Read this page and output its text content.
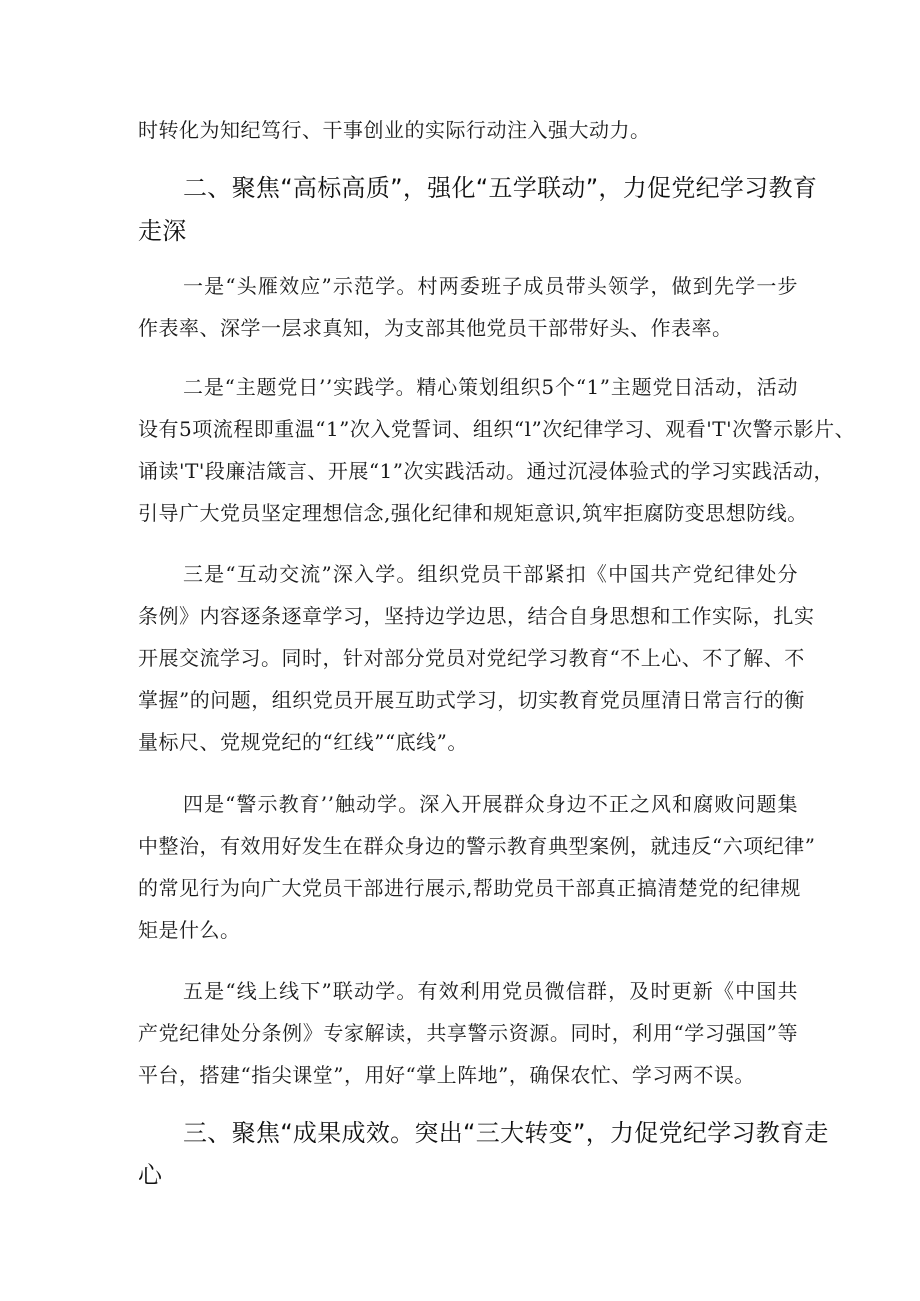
时转化为知纪笃行、干事创业的实际行动注入强大动力。
二、聚焦“高标高质”，强化“五学联动”，力促党纪学习教育
走深
一是“头雁效应”示范学。村两委班子成员带头领学，做到先学一步
作表率、深学一层求真知，为支部其他党员干部带好头、作表率。
二是“主题党日’’实践学。精心策划组织5个“1”主题党日活动，活动
设有5项流程即重温“1”次入党誓词、组织“l”次纪律学习、观看'T'次警示影片、
诵读'T'段廉洁箴言、开展“1”次实践活动。通过沉浸体验式的学习实践活动，
引导广大党员坚定理想信念,强化纪律和规矩意识,筑牢拒腐防变思想防线。
三是“互动交流”深入学。组织党员干部紧扣《中国共产党纪律处分
条例》内容逐条逐章学习，坚持边学边思，结合自身思想和工作实际，扎实
开展交流学习。同时，针对部分党员对党纪学习教育“不上心、不了解、不
掌握”的问题，组织党员开展互助式学习，切实教育党员厘清日常言行的衡
量标尺、党规党纪的“红线”“底线”。
四是“警示教育’’触动学。深入开展群众身边不正之风和腐败问题集
中整治，有效用好发生在群众身边的警示教育典型案例，就违反“六项纪律”
的常见行为向广大党员干部进行展示,帮助党员干部真正搞清楚党的纪律规
矩是什么。
五是“线上线下”联动学。有效利用党员微信群，及时更新《中国共
产党纪律处分条例》专家解读，共享警示资源。同时，利用“学习强国”等
平台，搭建“指尖课堂”，用好“掌上阵地”，确保农忙、学习两不误。
三、聚焦“成果成效。突出“三大转变”，力促党纪学习教育走
心
